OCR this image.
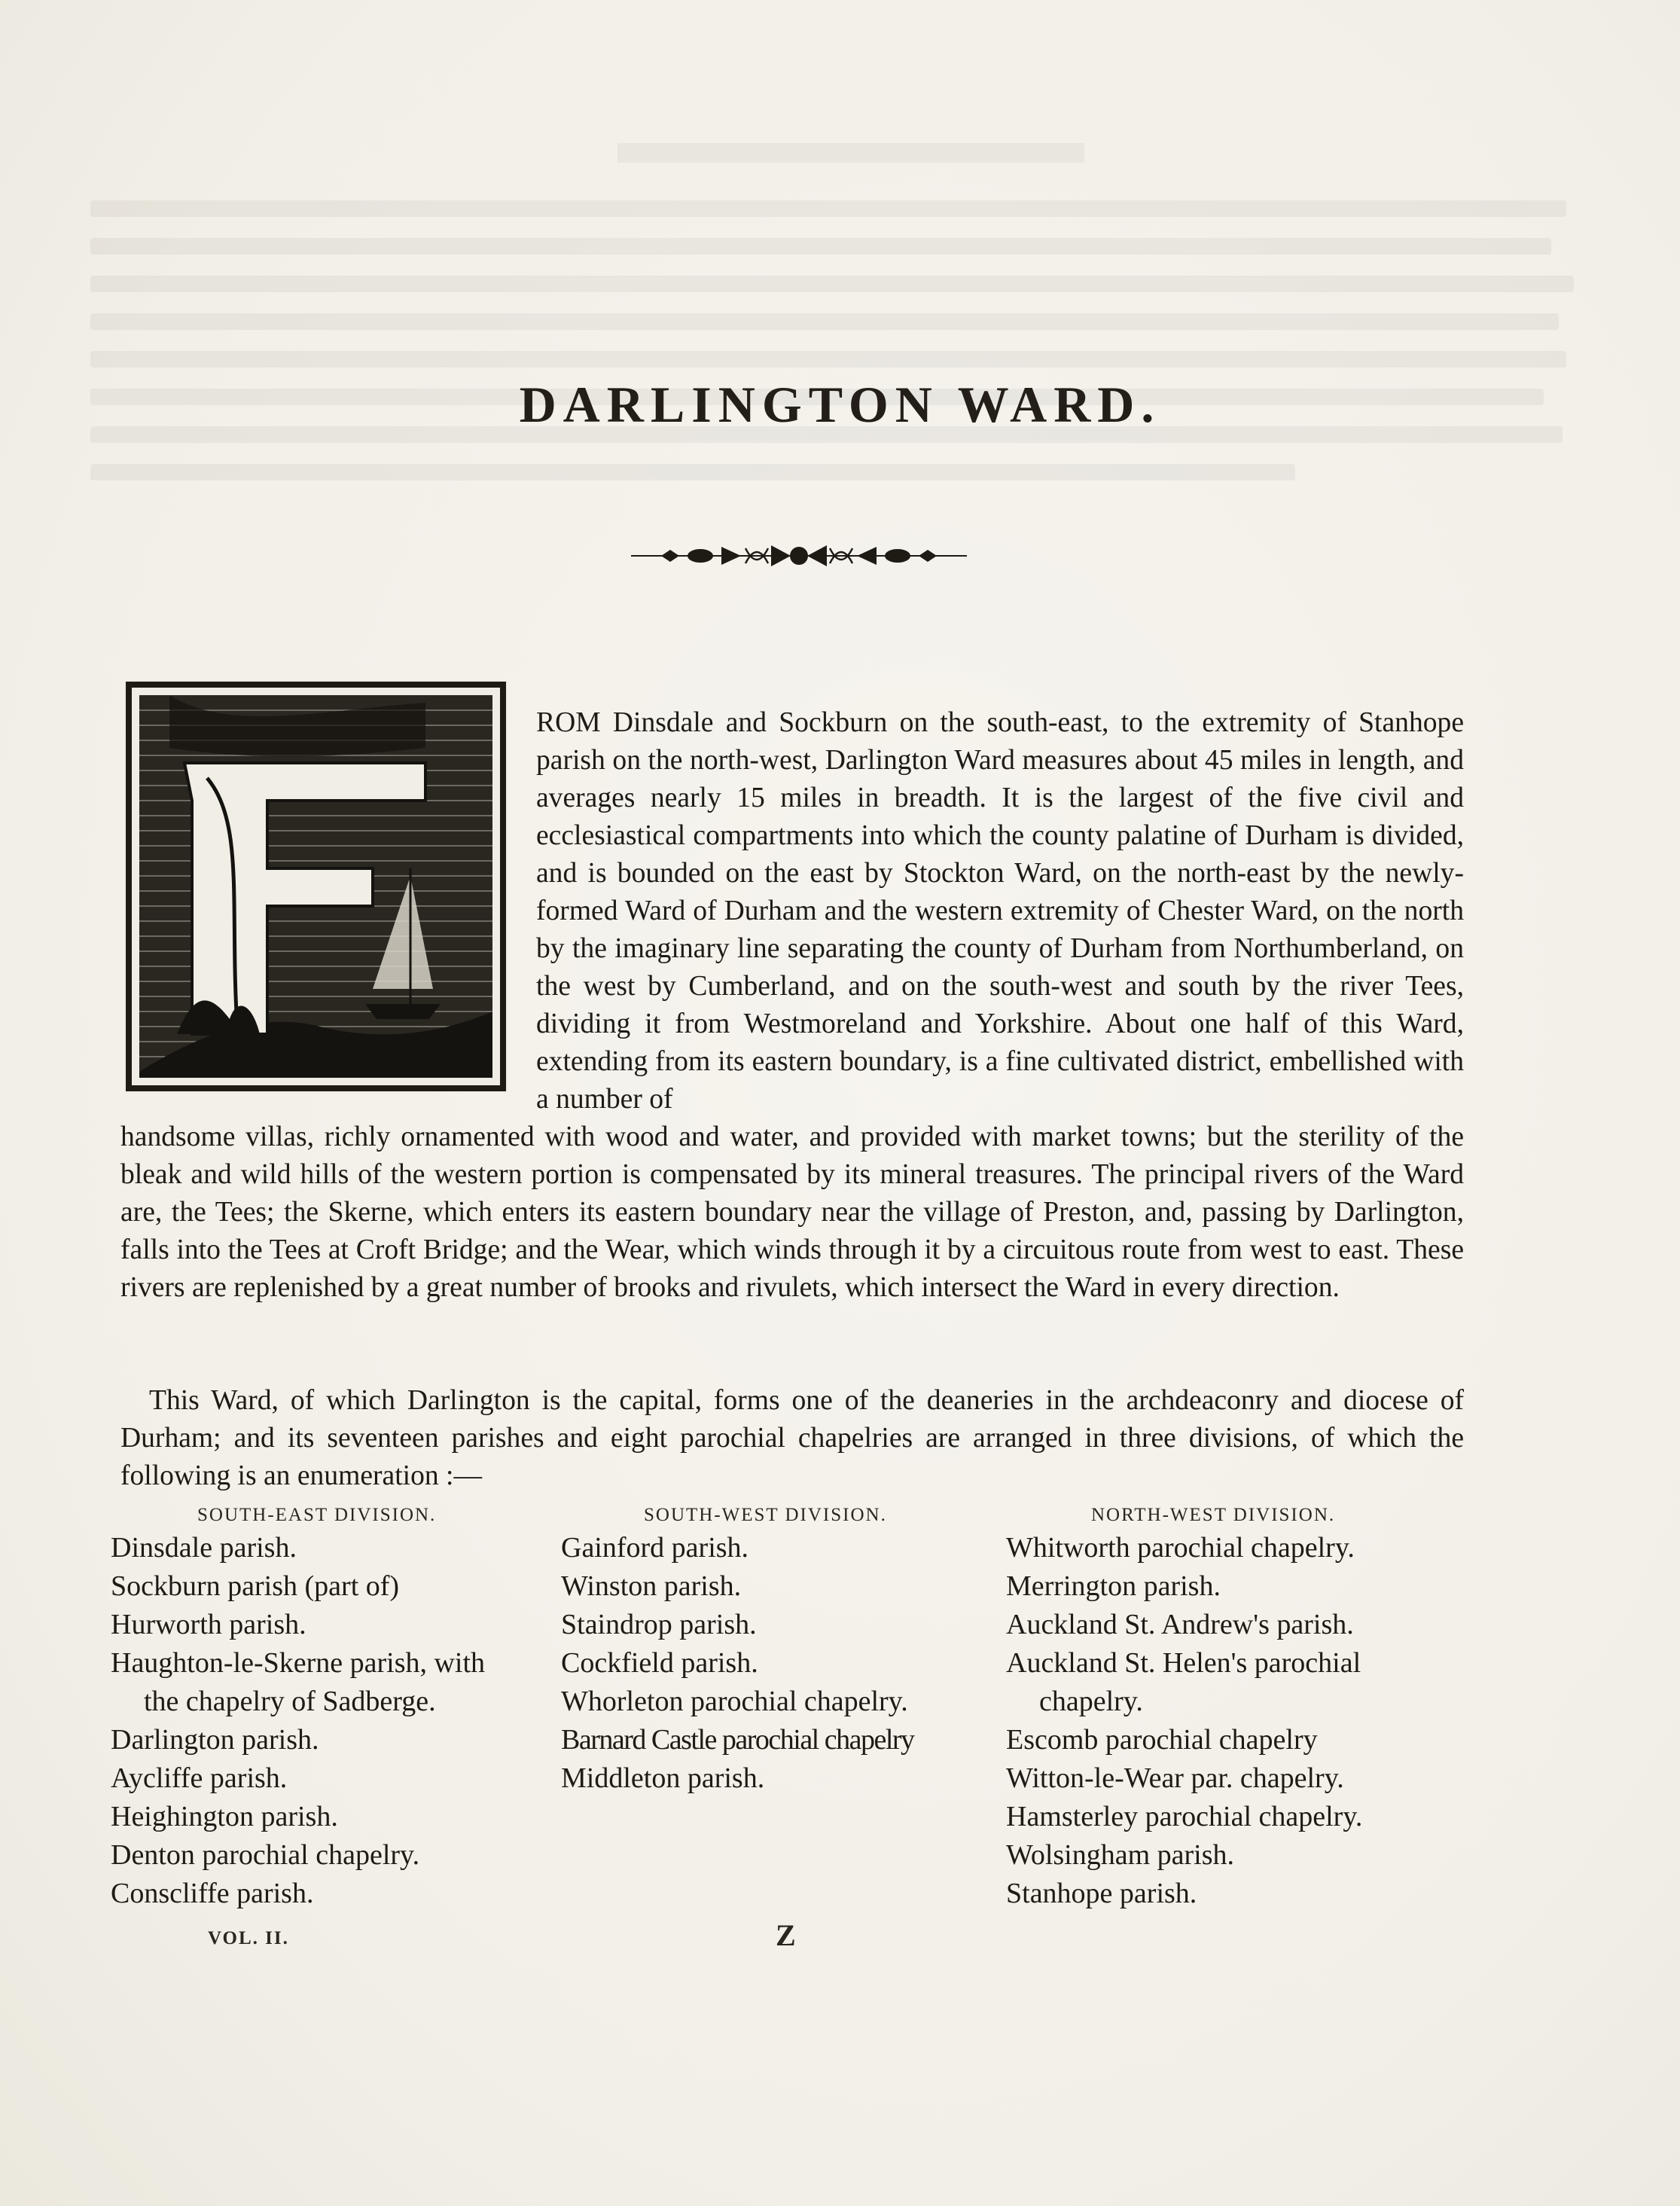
DARLINGTON WARD.

ROM Dinsdale and Sockburn on the south-east, to the extremity of Stanhope parish on the north-west, Darlington Ward measures about 45 miles in length, and averages nearly 15 miles in breadth. It is the largest of the five civil and ecclesiastical compartments into which the county palatine of Durham is divided, and is bounded on the east by Stockton Ward, on the north-east by the newly-formed Ward of Durham and the western extremity of Chester Ward, on the north by the imaginary line separating the county of Durham from Northumberland, on the west by Cumberland, and on the south-west and south by the river Tees, dividing it from Westmoreland and Yorkshire. About one half of this Ward, extending from its eastern boundary, is a fine cultivated district, embellished with a number of

handsome villas, richly ornamented with wood and water, and provided with market towns; but the sterility of the bleak and wild hills of the western portion is compensated by its mineral treasures. The principal rivers of the Ward are, the Tees; the Skerne, which enters its eastern boundary near the village of Preston, and, passing by Darlington, falls into the Tees at Croft Bridge; and the Wear, which winds through it by a circuitous route from west to east. These rivers are replenished by a great number of brooks and rivulets, which intersect the Ward in every direction.

This Ward, of which Darlington is the capital, forms one of the deaneries in the archdeaconry and diocese of Durham; and its seventeen parishes and eight parochial chapelries are arranged in three divisions, of which the following is an enumeration :—

SOUTH-EAST DIVISION.	SOUTH-WEST DIVISION.	NORTH-WEST DIVISION.
Dinsdale parish.
Sockburn parish (part of)
Hurworth parish.
Haughton-le-Skerne parish, with
the chapelry of Sadberge.
Darlington parish.
Aycliffe parish.
Heighington parish.
Denton parochial chapelry.
Conscliffe parish.
Gainford parish.
Winston parish.
Staindrop parish.
Cockfield parish.
Whorleton parochial chapelry.
Barnard Castle parochial chapelry
Middleton parish.
Whitworth parochial chapelry.
Merrington parish.
Auckland St. Andrew's parish.
Auckland St. Helen's parochial
chapelry.
Escomb parochial chapelry
Witton-le-Wear par. chapelry.
Hamsterley parochial chapelry.
Wolsingham parish.
Stanhope parish.
VOL. II.	Z
